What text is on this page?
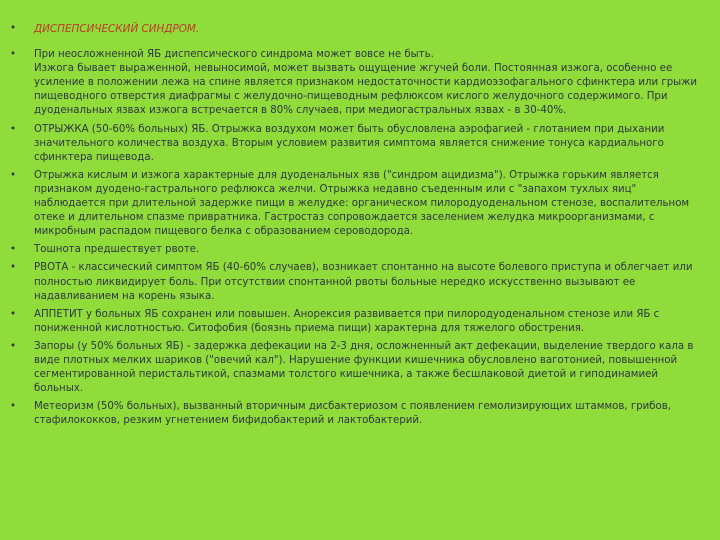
• ДИСПЕПСИЧЕСКИЙ СИНДРОМ.
• При неосложненной ЯБ диспепсического синдрома может вовсе не быть.
Изжога бывает выраженной, невыносимой, может вызвать ощущение жгучей боли. Постоянная изжога, особенно ее усиление в положении лежа на спине является признаком недостаточности кардиоэзофагального сфинктера или грыжи пищеводного отверстия диафрагмы с желудочно-пищеводным рефлюксом кислого желудочного содержимого. При дуоденальных язвах изжога встречается в 80% случаев, при медиогастральных язвах - в 30-40%.
• ОТРЫЖКА (50-60% больных) ЯБ. Отрыжка воздухом может быть обусловлена аэрофагией - глотанием при дыхании значительного количества воздуха. Вторым условием развития симптома является снижение тонуса кардиального сфинктера пищевода.
• Отрыжка кислым и изжога характерные для дуоденальных язв ("синдром ацидизма"). Отрыжка горьким является признаком дуодено-гастрального рефлюкса желчи. Отрыжка недавно съеденным или с "запахом тухлых яиц" наблюдается при длительной задержке пищи в желудке: органическом пилородуоденальном стенозе, воспалительном отеке и длительном спазме привратника. Гастростаз сопровождается заселением желудка микроорганизмами, с микробным распадом пищевого белка с образованием сероводорода.
• Тошнота предшествует рвоте.
• РВОТА - классический симптом ЯБ (40-60% случаев), возникает спонтанно на высоте болевого приступа и облегчает или полностью ликвидирует боль. При отсутствии спонтанной рвоты больные нередко искусственно вызывают ее надавливанием на корень языка.
• АППЕТИТ у больных ЯБ сохранен или повышен. Анорексия развивается при пилородуоденальном стенозе или ЯБ с пониженной кислотностью. Ситофобия (боязнь приема пищи) характерна для тяжелого обострения.
• Запоры (у 50% больных ЯБ) - задержка дефекации на 2-3 дня, осложненный акт дефекации, выделение твердого кала в виде плотных мелких шариков ("овечий кал"). Нарушение функции кишечника обусловлено ваготонией, повышенной сегментированной перистальтикой, спазмами толстого кишечника, а также бесшлаковой диетой и гиподинамией больных.
• Метеоризм (50% больных), вызванный вторичным дисбактериозом с появлением гемолизирующих штаммов, грибов, стафилококков, резким угнетением бифидобактерий и лактобактерий.
